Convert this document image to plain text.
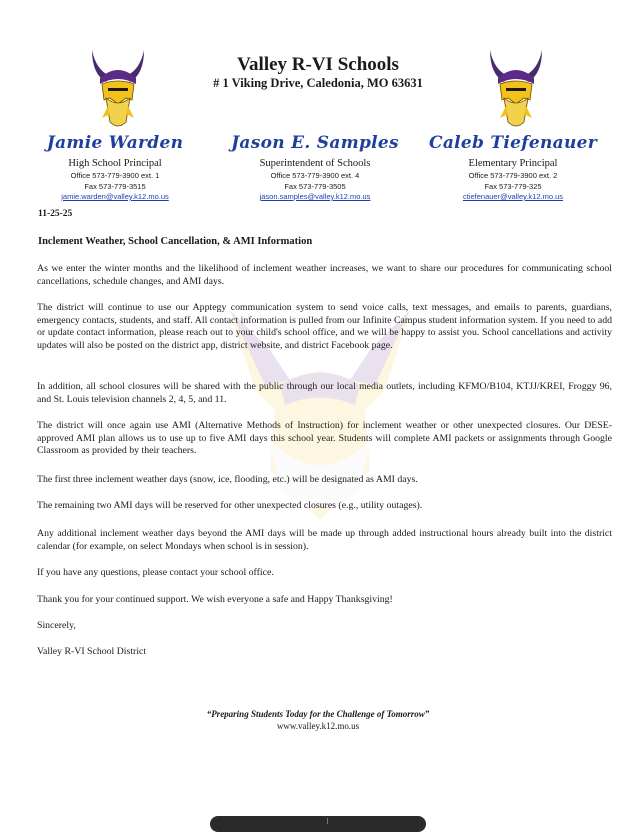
Valley R-VI Schools
# 1 Viking Drive, Caledonia, MO 63631
Jamie Warden
High School Principal
Office 573-779-3900 ext. 1
Fax 573-779-3515
jamie.warden@valley.k12.mo.us
Jason E. Samples
Superintendent of Schools
Office 573-779-3900 ext. 4
Fax 573-779-3505
jason.samples@valley.k12.mo.us
Caleb Tiefenauer
Elementary Principal
Office 573-779-3900 ext. 2
Fax 573-779-325
ctiefenauer@valley.k12.mo.us
11-25-25
Inclement Weather, School Cancellation, & AMI Information

As we enter the winter months and the likelihood of inclement weather increases, we want to share our procedures for communicating school cancellations, schedule changes, and AMI days.

The district will continue to use our Apptegy communication system to send voice calls, text messages, and emails to parents, guardians, emergency contacts, students, and staff. All contact information is pulled from our Infinite Campus student information system. If you need to add or update contact information, please reach out to your child's school office, and we will be happy to assist you. School cancellations and activity updates will also be posted on the district app, district website, and district Facebook page.

In addition, all school closures will be shared with the public through our local media outlets, including KFMO/B104, KTJJ/KREI, Froggy 96, and St. Louis television channels 2, 4, 5, and 11.

The district will once again use AMI (Alternative Methods of Instruction) for inclement weather or other unexpected closures. Our DESE-approved AMI plan allows us to use up to five AMI days this school year. Students will complete AMI packets or assignments through Google Classroom as provided by their teachers.

The first three inclement weather days (snow, ice, flooding, etc.) will be designated as AMI days.

The remaining two AMI days will be reserved for other unexpected closures (e.g., utility outages).

Any additional inclement weather days beyond the AMI days will be made up through added instructional hours already built into the district calendar (for example, on select Mondays when school is in session).

If you have any questions, please contact your school office.

Thank you for your continued support. We wish everyone a safe and Happy Thanksgiving!

Sincerely,

Valley R-VI School District

“Preparing Students Today for the Challenge of Tomorrow”
www.valley.k12.mo.us
